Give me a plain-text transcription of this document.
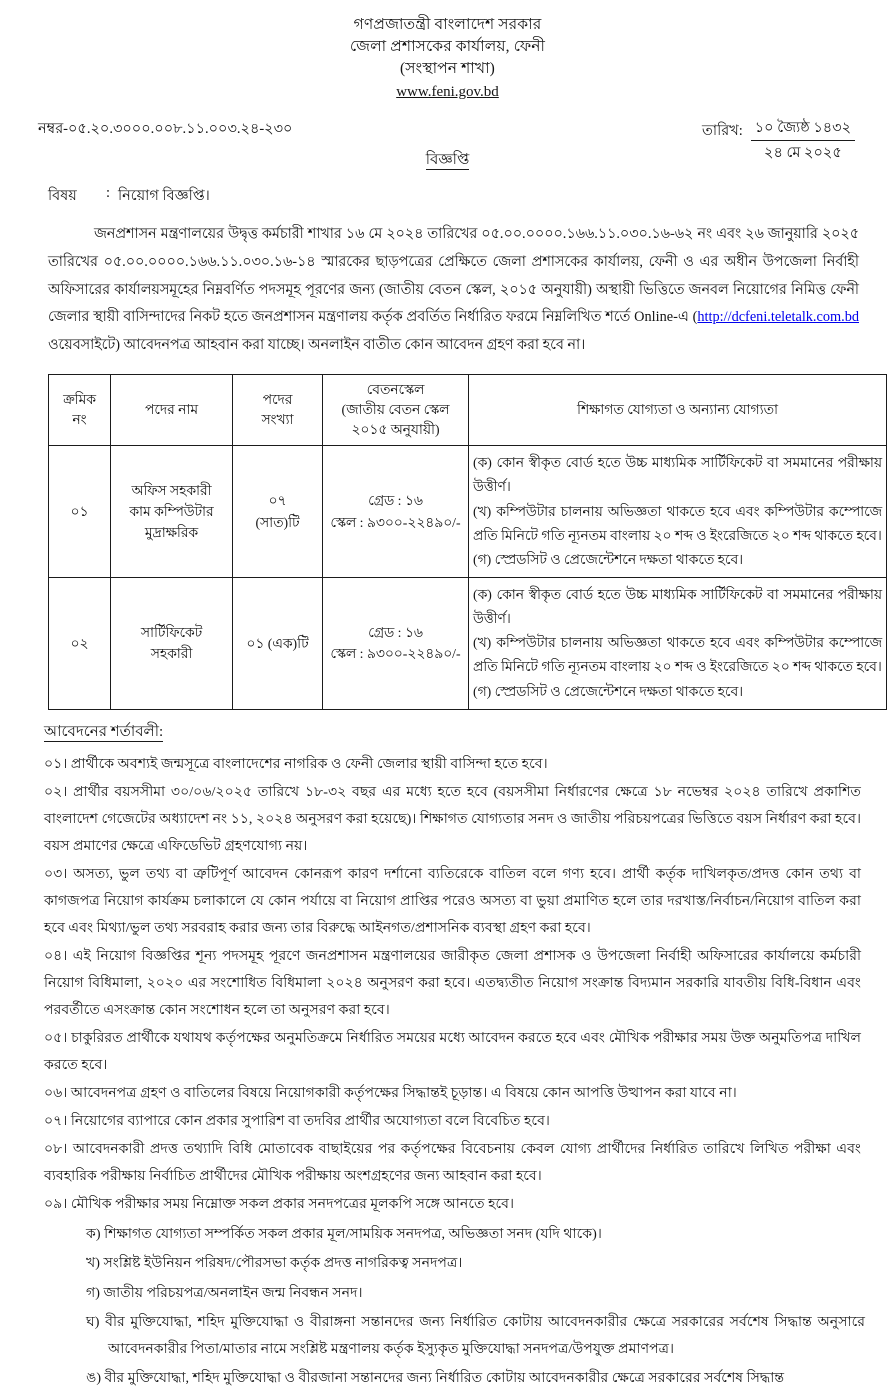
গণপ্রজাতন্ত্রী বাংলাদেশ সরকার
জেলা প্রশাসকের কার্যালয়, ফেনী
(সংস্থাপন শাখা)
www.feni.gov.bd
নম্বর-০৫.২০.৩০০০.০০৮.১১.০০৩.২৪-২৩০	তারিখ: ১০ জ্যৈষ্ঠ ১৪৩২
২৪ মে ২০২৫
বিজ্ঞপ্তি
বিষয়	: নিয়োগ বিজ্ঞপ্তি।

জনপ্রশাসন মন্ত্রণালয়ের উদ্বৃত্ত কর্মচারী শাখার ১৬ মে ২০২৪ তারিখের ০৫.০০.০০০০.১৬৬.১১.০৩০.১৬-৬২ নং এবং ২৬ জানুয়ারি ২০২৫ তারিখের ০৫.০০.০০০০.১৬৬.১১.০৩০.১৬-১৪ স্মারকের ছাড়পত্রের প্রেক্ষিতে জেলা প্রশাসকের কার্যালয়, ফেনী ও এর অধীন উপজেলা নির্বাহী অফিসারের কার্যালয়সমূহের নিম্নবর্ণিত পদসমূহ পূরণের জন্য (জাতীয় বেতন স্কেল, ২০১৫ অনুযায়ী) অস্থায়ী ভিত্তিতে জনবল নিয়োগের নিমিত্ত ফেনী জেলার স্থায়ী বাসিন্দাদের নিকট হতে জনপ্রশাসন মন্ত্রণালয় কর্তৃক প্রবর্তিত নির্ধারিত ফরমে নিম্নলিখিত শর্তে Online-এ (http://dcfeni.teletalk.com.bd ওয়েবসাইটে) আবেদনপত্র আহবান করা যাচ্ছে। অনলাইন বাতীত কোন আবেদন গ্রহণ করা হবে না।

ক্রমিক
নং	পদের নাম	পদের
সংখ্যা	বেতনস্কেল
(জাতীয় বেতন স্কেল
২০১৫ অনুযায়ী)	শিক্ষাগত যোগ্যতা ও অন্যান্য যোগ্যতা
০১	অফিস সহকারী
কাম কম্পিউটার
মুদ্রাক্ষরিক	০৭
(সাত)টি	গ্রেড : ১৬
স্কেল : ৯৩০০-২২৪৯০/-	

(ক) কোন স্বীকৃত বোর্ড হতে উচ্চ মাধ্যমিক সার্টিফিকেট বা সমমানের পরীক্ষায় উত্তীর্ণ।

(খ) কম্পিউটার চালনায় অভিজ্ঞতা থাকতে হবে এবং কম্পিউটার কম্পোজে প্রতি মিনিটে গতি ন্যূনতম বাংলায় ২০ শব্দ ও ইংরেজিতে ২০ শব্দ থাকতে হবে।

(গ) স্প্রেডসিট ও প্রেজেন্টেশনে দক্ষতা থাকতে হবে।

০২	সার্টিফিকেট
সহকারী	০১ (এক)টি	গ্রেড : ১৬
স্কেল : ৯৩০০-২২৪৯০/-	

(ক) কোন স্বীকৃত বোর্ড হতে উচ্চ মাধ্যমিক সার্টিফিকেট বা সমমানের পরীক্ষায় উত্তীর্ণ।

(খ) কম্পিউটার চালনায় অভিজ্ঞতা থাকতে হবে এবং কম্পিউটার কম্পোজে প্রতি মিনিটে গতি ন্যূনতম বাংলায় ২০ শব্দ ও ইংরেজিতে ২০ শব্দ থাকতে হবে।

(গ) স্প্রেডসিট ও প্রেজেন্টেশনে দক্ষতা থাকতে হবে।

আবেদনের শর্তাবলী:
০১। প্রার্থীকে অবশ্যই জন্মসূত্রে বাংলাদেশের নাগরিক ও ফেনী জেলার স্থায়ী বাসিন্দা হতে হবে।
০২। প্রার্থীর বয়সসীমা ৩০/০৬/২০২৫ তারিখে ১৮-৩২ বছর এর মধ্যে হতে হবে (বয়সসীমা নির্ধারণের ক্ষেত্রে ১৮ নভেম্বর ২০২৪ তারিখে প্রকাশিত বাংলাদেশ গেজেটের অধ্যাদেশ নং ১১, ২০২৪ অনুসরণ করা হয়েছে)। শিক্ষাগত যোগ্যতার সনদ ও জাতীয় পরিচয়পত্রের ভিত্তিতে বয়স নির্ধারণ করা হবে। বয়স প্রমাণের ক্ষেত্রে এফিডেভিট গ্রহণযোগ্য নয়।
০৩। অসত্য, ভুল তথ্য বা ত্রুটিপূর্ণ আবেদন কোনরূপ কারণ দর্শানো ব্যতিরেকে বাতিল বলে গণ্য হবে। প্রার্থী কর্তৃক দাখিলকৃত/প্রদত্ত কোন তথ্য বা কাগজপত্র নিয়োগ কার্যক্রম চলাকালে যে কোন পর্যায়ে বা নিয়োগ প্রাপ্তির পরেও অসত্য বা ভুয়া প্রমাণিত হলে তার দরখাস্ত/নির্বাচন/নিয়োগ বাতিল করা হবে এবং মিথ্যা/ভুল তথ্য সরবরাহ করার জন্য তার বিরুদ্ধে আইনগত/প্রশাসনিক ব্যবস্থা গ্রহণ করা হবে।
০৪। এই নিয়োগ বিজ্ঞপ্তির শূন্য পদসমূহ পূরণে জনপ্রশাসন মন্ত্রণালয়ের জারীকৃত জেলা প্রশাসক ও উপজেলা নির্বাহী অফিসারের কার্যালয়ে কর্মচারী নিয়োগ বিধিমালা, ২০২০ এর সংশোধিত বিধিমালা ২০২৪ অনুসরণ করা হবে। এতদ্ব্যতীত নিয়োগ সংক্রান্ত বিদ্যমান সরকারি যাবতীয় বিধি-বিধান এবং পরবর্তীতে এসংক্রান্ত কোন সংশোধন হলে তা অনুসরণ করা হবে।
০৫। চাকুরিরত প্রার্থীকে যথাযথ কর্তৃপক্ষের অনুমতিক্রমে নির্ধারিত সময়ের মধ্যে আবেদন করতে হবে এবং মৌখিক পরীক্ষার সময় উক্ত অনুমতিপত্র দাখিল করতে হবে।
০৬। আবেদনপত্র গ্রহণ ও বাতিলের বিষয়ে নিয়োগকারী কর্তৃপক্ষের সিদ্ধান্তই চূড়ান্ত। এ বিষয়ে কোন আপত্তি উত্থাপন করা যাবে না।
০৭। নিয়োগের ব্যাপারে কোন প্রকার সুপারিশ বা তদবির প্রার্থীর অযোগ্যতা বলে বিবেচিত হবে।
০৮। আবেদনকারী প্রদত্ত তথ্যাদি বিধি মোতাবেক বাছাইয়ের পর কর্তৃপক্ষের বিবেচনায় কেবল যোগ্য প্রার্থীদের নির্ধারিত তারিখে লিখিত পরীক্ষা এবং ব্যবহারিক পরীক্ষায় নির্বাচিত প্রার্থীদের মৌখিক পরীক্ষায় অংশগ্রহণের জন্য আহবান করা হবে।
০৯। মৌখিক পরীক্ষার সময় নিম্নোক্ত সকল প্রকার সনদপত্রের মূলকপি সঙ্গে আনতে হবে।
ক) শিক্ষাগত যোগ্যতা সম্পর্কিত সকল প্রকার মূল/সাময়িক সনদপত্র, অভিজ্ঞতা সনদ (যদি থাকে)।
খ) সংশ্লিষ্ট ইউনিয়ন পরিষদ/পৌরসভা কর্তৃক প্রদত্ত নাগরিকত্ব সনদপত্র।
গ) জাতীয় পরিচয়পত্র/অনলাইন জন্ম নিবন্ধন সনদ।
ঘ) বীর মুক্তিযোদ্ধা, শহিদ মুক্তিযোদ্ধা ও বীরাঙ্গনা সন্তানদের জন্য নির্ধারিত কোটায় আবেদনকারীর ক্ষেত্রে সরকারের সর্বশেষ সিদ্ধান্ত অনুসারে আবেদনকারীর পিতা/মাতার নামে সংশ্লিষ্ট মন্ত্রণালয় কর্তৃক ইস্যুকৃত মুক্তিযোদ্ধা সনদপত্র/উপযুক্ত প্রমাণপত্র।
ঙ) বীর মুক্তিযোদ্ধা, শহিদ মুক্তিযোদ্ধা ও বীরজানা সন্তানদের জন্য নির্ধারিত কোটায় আবেদনকারীর ক্ষেত্রে সরকারের সর্বশেষ সিদ্ধান্ত
